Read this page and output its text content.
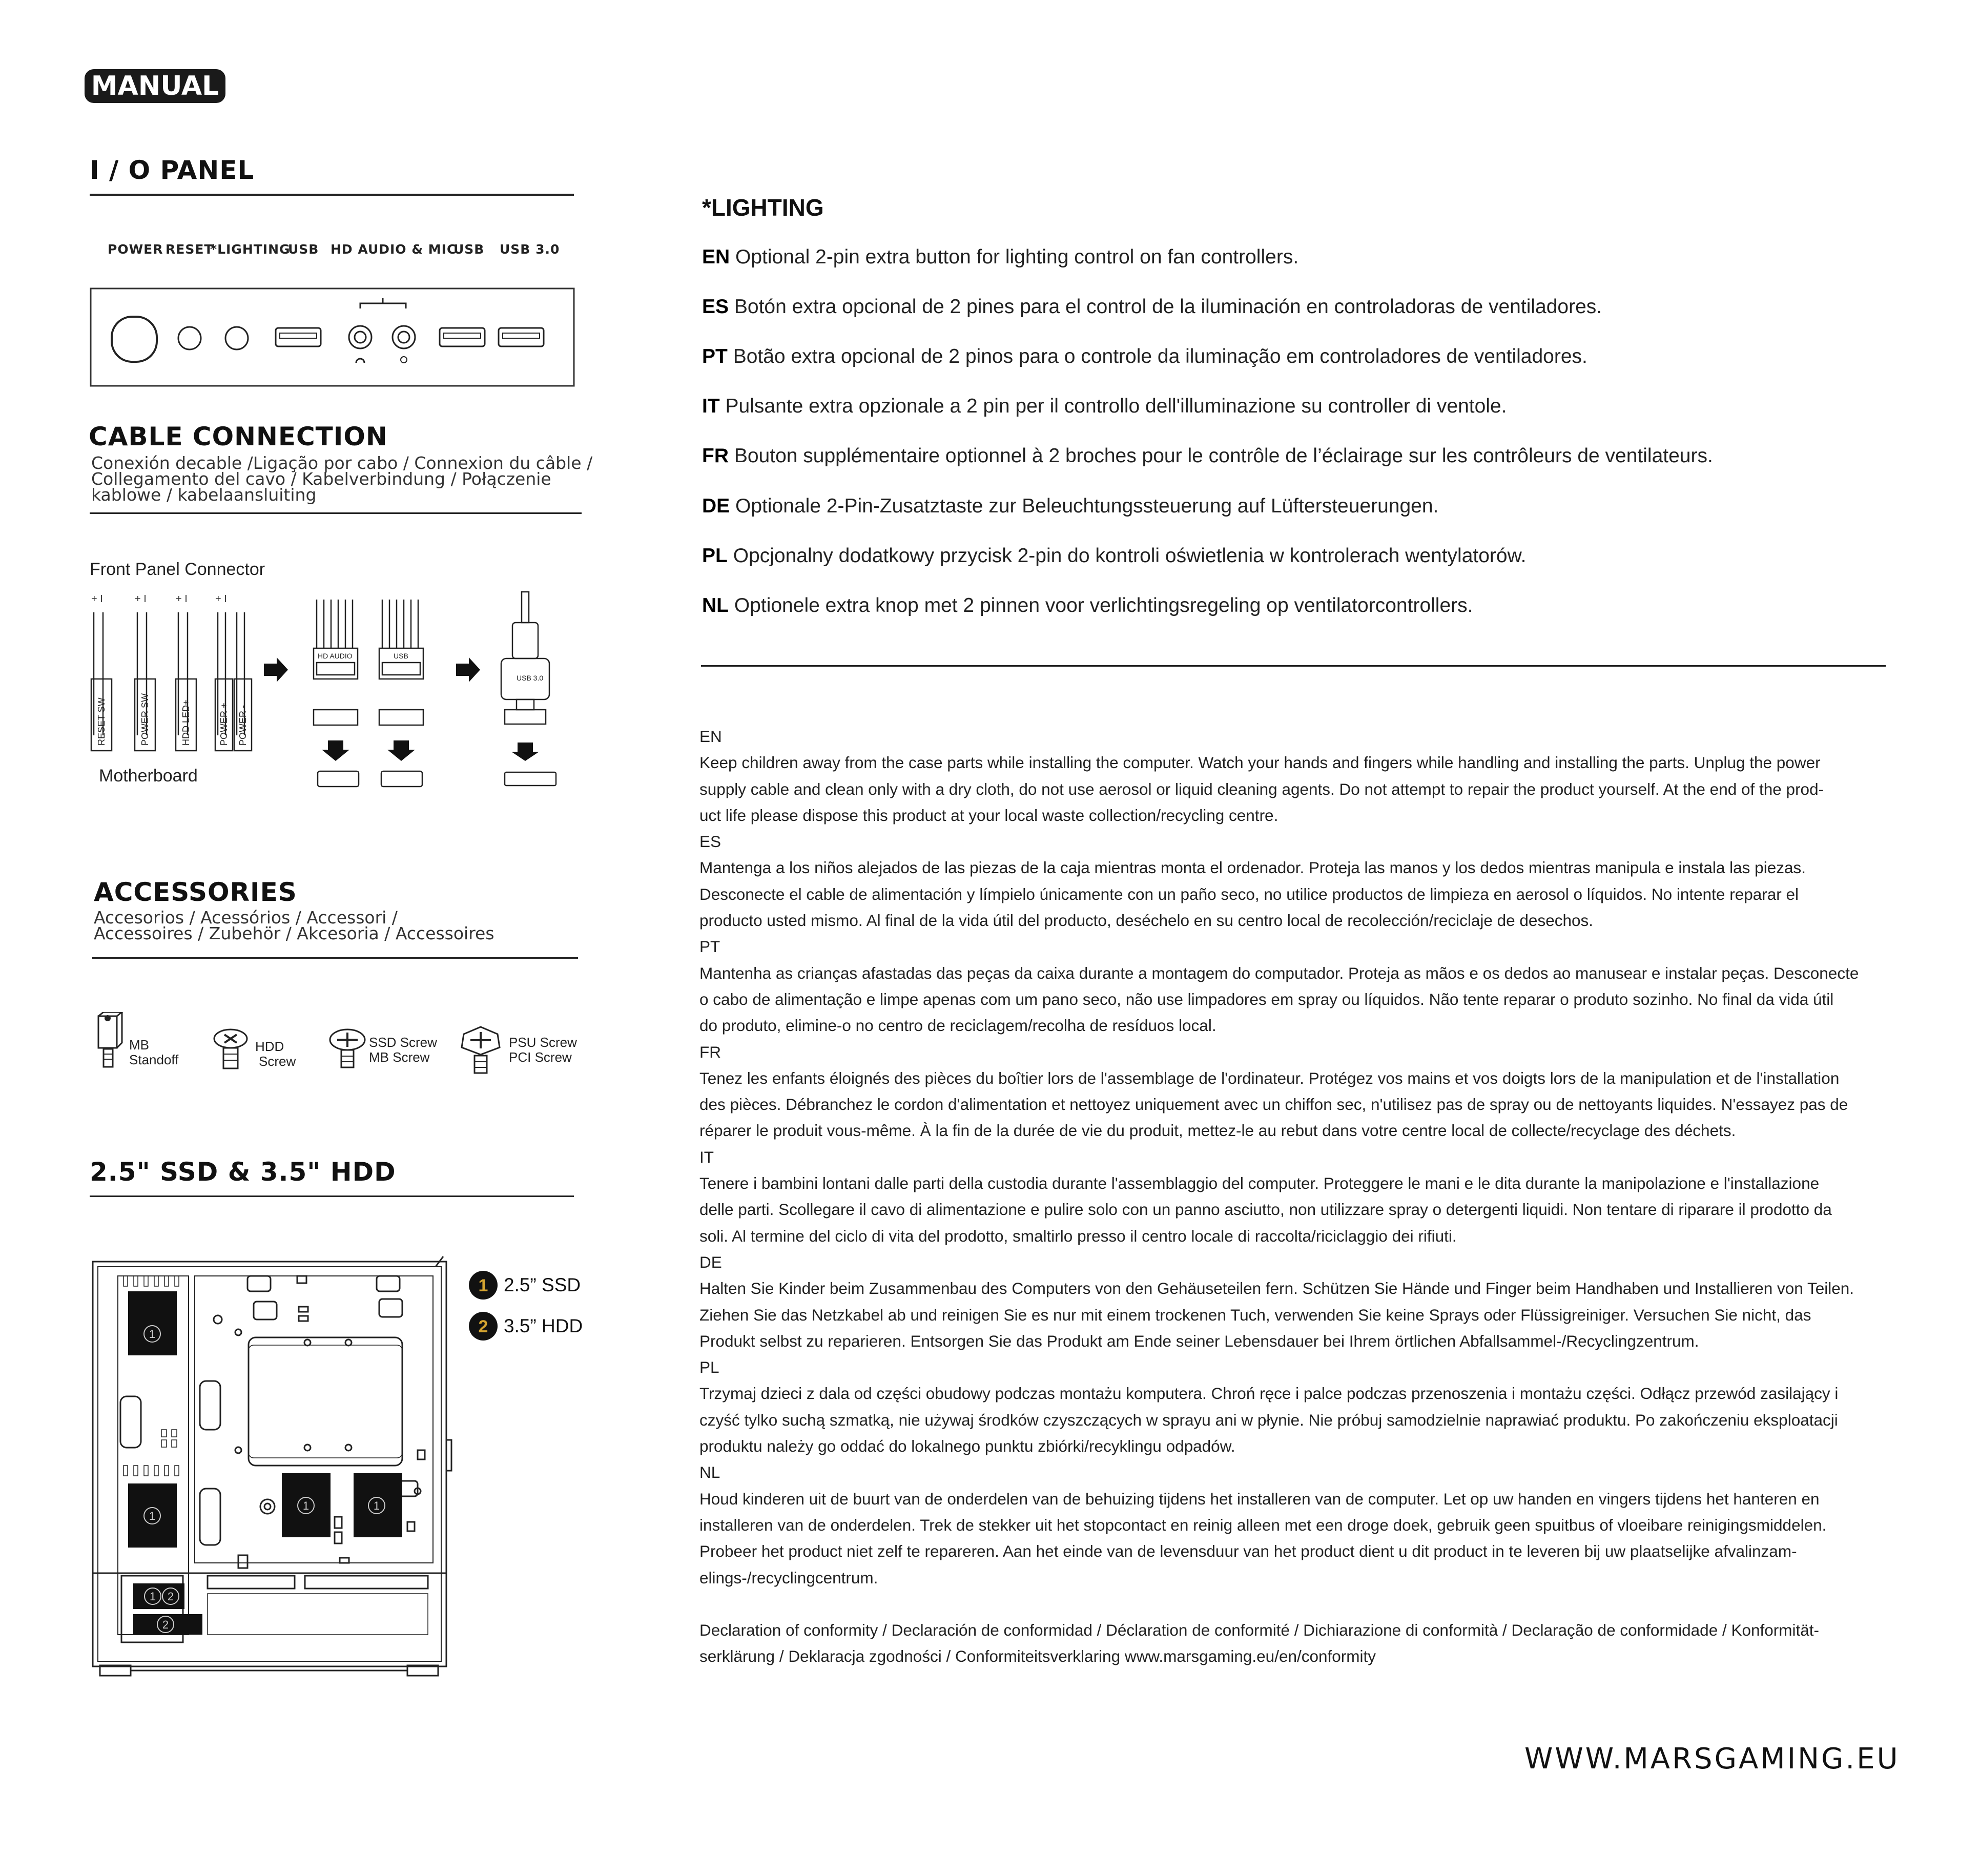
MANUAL
I / O PANEL
POWER RESET
*LIGHTING
USB HD AUDIO & MIC
USB USB 3.0
CABLE CONNECTION
Conexión decable /Ligação por cabo / Connexion du câble /
Collegamento del cavo / Kabelverbindung / Połączenie
kablowe / kabelaansluiting
Front Panel Connector
+ I	+ I	+ I	+ I
RESET SW	POWER SW	HDD LED+	POWER + POWER -
HD AUDIO	USB
USB 3.0
Motherboard
ACCESSORIES
Accesorios / Acessórios / Accessori /
Accessoires / Zubehör / Akcesoria / Accessoires
MB
Standoff
HDD
Screw
SSD Screw
MB Screw
PSU Screw
PCI Screw
2.5" SSD & 3.5" HDD
1
1
1	1
1 2
2
1 2.5” SSD
2 3.5” HDD
*LIGHTING
EN Optional 2-pin extra button for lighting control on fan controllers.
ES Botón extra opcional de 2 pines para el control de la iluminación en controladoras de ventiladores.
PT Botão extra opcional de 2 pinos para o controle da iluminação em controladores de ventiladores.
IT Pulsante extra opzionale a 2 pin per il controllo dell'illuminazione su controller di ventole.
FR Bouton supplémentaire optionnel à 2 broches pour le contrôle de l’éclairage sur les contrôleurs de ventilateurs.
DE Optionale 2-Pin-Zusatztaste zur Beleuchtungssteuerung auf Lüftersteuerungen.
PL Opcjonalny dodatkowy przycisk 2-pin do kontroli oświetlenia w kontrolerach wentylatorów.
NL Optionele extra knop met 2 pinnen voor verlichtingsregeling op ventilatorcontrollers.

EN

Keep children away from the case parts while installing the computer. Watch your hands and fingers while handling and installing the parts. Unplug the power

supply cable and clean only with a dry cloth, do not use aerosol or liquid cleaning agents. Do not attempt to repair the product yourself. At the end of the prod-

uct life please dispose this product at your local waste collection/recycling centre.

ES

Mantenga a los niños alejados de las piezas de la caja mientras monta el ordenador. Proteja las manos y los dedos mientras manipula e instala las piezas.

Desconecte el cable de alimentación y límpielo únicamente con un paño seco, no utilice productos de limpieza en aerosol o líquidos. No intente reparar el

producto usted mismo. Al final de la vida útil del producto, deséchelo en su centro local de recolección/reciclaje de desechos.

PT

Mantenha as crianças afastadas das peças da caixa durante a montagem do computador. Proteja as mãos e os dedos ao manusear e instalar peças. Desconecte

o cabo de alimentação e limpe apenas com um pano seco, não use limpadores em spray ou líquidos. Não tente reparar o produto sozinho. No final da vida útil

do produto, elimine-o no centro de reciclagem/recolha de resíduos local.

FR

Tenez les enfants éloignés des pièces du boîtier lors de l'assemblage de l'ordinateur. Protégez vos mains et vos doigts lors de la manipulation et de l'installation

des pièces. Débranchez le cordon d'alimentation et nettoyez uniquement avec un chiffon sec, n'utilisez pas de spray ou de nettoyants liquides. N'essayez pas de

réparer le produit vous-même. À la fin de la durée de vie du produit, mettez-le au rebut dans votre centre local de collecte/recyclage des déchets.

IT

Tenere i bambini lontani dalle parti della custodia durante l'assemblaggio del computer. Proteggere le mani e le dita durante la manipolazione e l'installazione

delle parti. Scollegare il cavo di alimentazione e pulire solo con un panno asciutto, non utilizzare spray o detergenti liquidi. Non tentare di riparare il prodotto da

soli. Al termine del ciclo di vita del prodotto, smaltirlo presso il centro locale di raccolta/riciclaggio dei rifiuti.

DE

Halten Sie Kinder beim Zusammenbau des Computers von den Gehäuseteilen fern. Schützen Sie Hände und Finger beim Handhaben und Installieren von Teilen.

Ziehen Sie das Netzkabel ab und reinigen Sie es nur mit einem trockenen Tuch, verwenden Sie keine Sprays oder Flüssigreiniger. Versuchen Sie nicht, das

Produkt selbst zu reparieren. Entsorgen Sie das Produkt am Ende seiner Lebensdauer bei Ihrem örtlichen Abfallsammel-/Recyclingzentrum.

PL

Trzymaj dzieci z dala od części obudowy podczas montażu komputera. Chroń ręce i palce podczas przenoszenia i montażu części. Odłącz przewód zasilający i

czyść tylko suchą szmatką, nie używaj środków czyszczących w sprayu ani w płynie. Nie próbuj samodzielnie naprawiać produktu. Po zakończeniu eksploatacji

produktu należy go oddać do lokalnego punktu zbiórki/recyklingu odpadów.

NL

Houd kinderen uit de buurt van de onderdelen van de behuizing tijdens het installeren van de computer. Let op uw handen en vingers tijdens het hanteren en

installeren van de onderdelen. Trek de stekker uit het stopcontact en reinig alleen met een droge doek, gebruik geen spuitbus of vloeibare reinigingsmiddelen.

Probeer het product niet zelf te repareren. Aan het einde van de levensduur van het product dient u dit product in te leveren bij uw plaatselijke afvalinzam-

elings-/recyclingcentrum.

Declaration of conformity / Declaración de conformidad / Déclaration de conformité / Dichiarazione di conformità / Declaração de conformidade / Konformität-

serklärung / Deklaracja zgodności / Conformiteitsverklaring www.marsgaming.eu/en/conformity

WWW.MARSGAMING.EU
